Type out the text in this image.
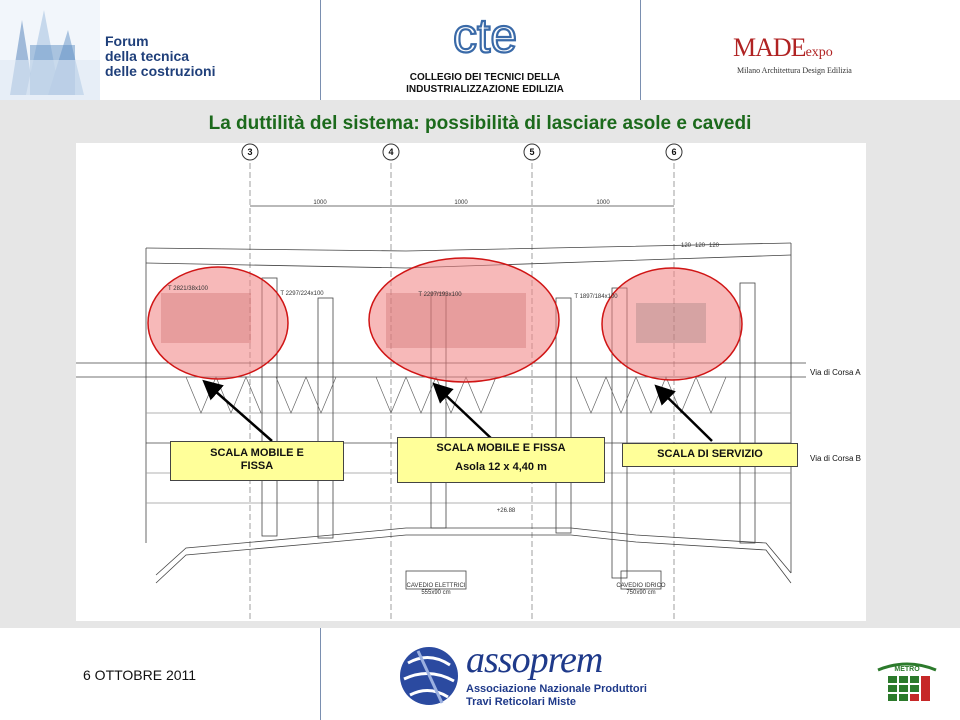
Forum
della tecnica
delle costruzioni
cte
COLLEGIO DEI TECNICI DELLA
INDUSTRIALIZZAZIONE EDILIZIA
MADEexpo
Milano Architettura Design Edilizia
La duttilità del sistema: possibilità di lasciare asole e cavedi
3	4	5	6
1000	1000	1000
120 120 120
T 2821/38x100
T 2297/224x100	T 2297/193x100	T 1897/184x100
+26.88
CAVEDIO ELETTRICI
555x90 cm
CAVEDIO IDRICO
750x90 cm
Via di Corsa A
Via di Corsa B
SCALA MOBILE E
FISSA
SCALA MOBILE E FISSA
Asola 12 x 4,40 m
SCALA DI SERVIZIO
6 OTTOBRE 2011	assoprem
Associazione Nazionale Produttori
Travi Reticolari Miste
METRO
